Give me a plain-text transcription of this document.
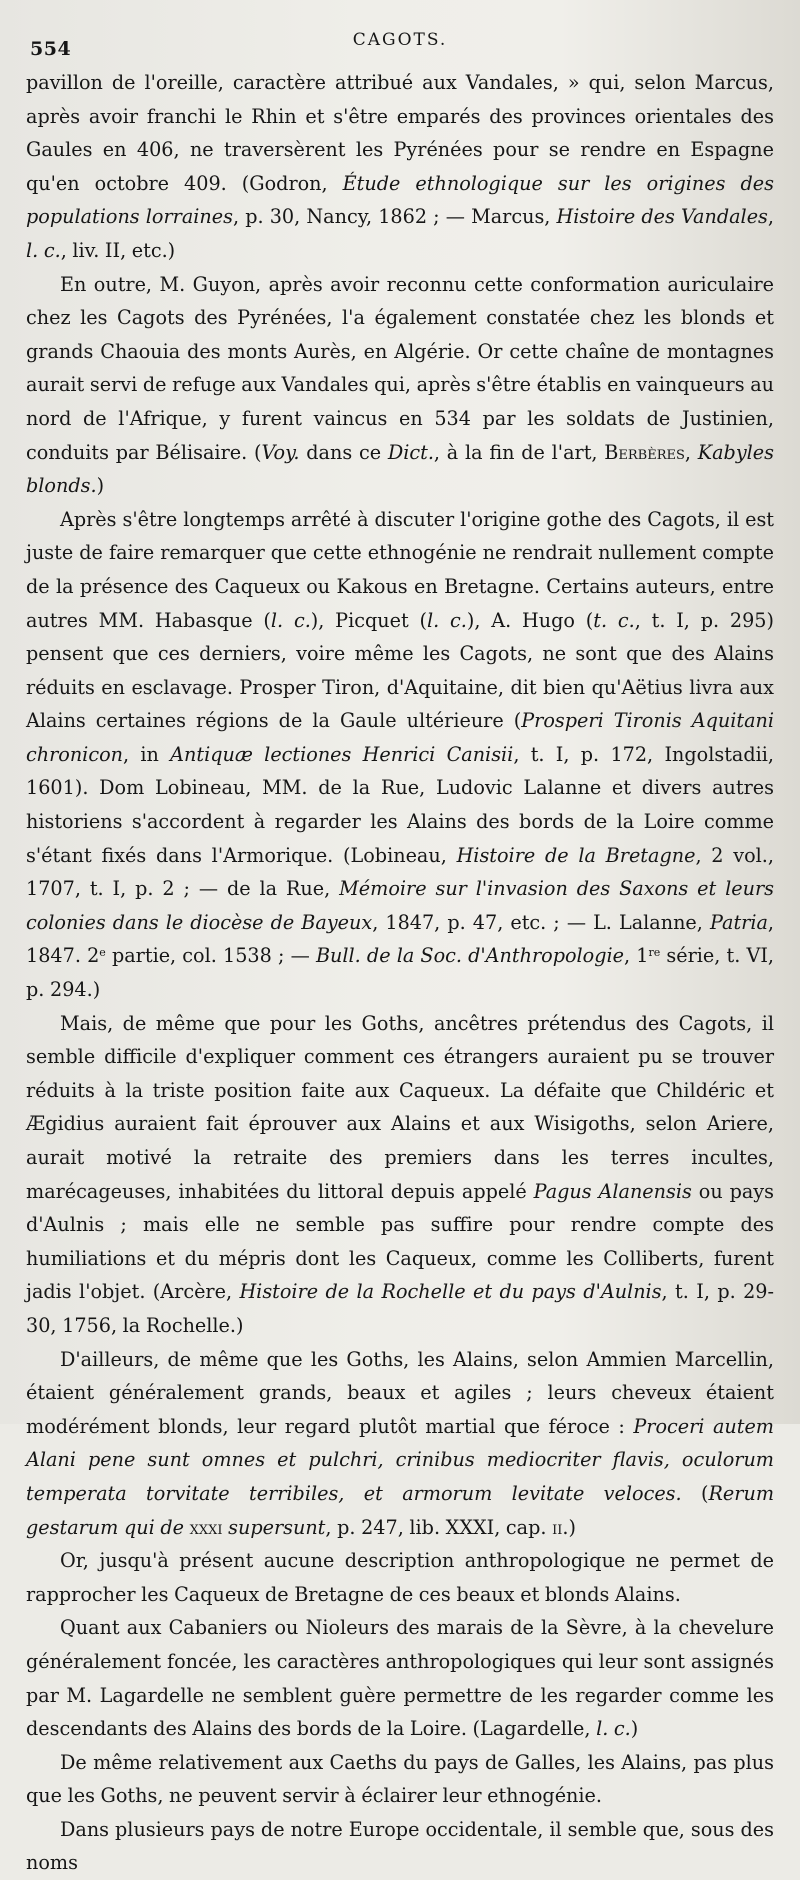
554	CAGOTS.

pavillon de l'oreille, caractère attribué aux Vandales, » qui, selon Marcus, après avoir franchi le Rhin et s'être emparés des provinces orientales des Gaules en 406, ne traversèrent les Pyrénées pour se rendre en Espagne qu'en octobre 409. (Godron, Étude ethnologique sur les origines des populations lorraines, p. 30, Nancy, 1862 ; — Marcus, Histoire des Vandales, l. c., liv. II, etc.)

En outre, M. Guyon, après avoir reconnu cette conformation auriculaire chez les Cagots des Pyrénées, l'a également constatée chez les blonds et grands Chaouia des monts Aurès, en Algérie. Or cette chaîne de montagnes aurait servi de refuge aux Vandales qui, après s'être établis en vainqueurs au nord de l'Afrique, y furent vaincus en 534 par les soldats de Justinien, conduits par Bélisaire. (Voy. dans ce Dict., à la fin de l'art, Berbères, Kabyles blonds.)

Après s'être longtemps arrêté à discuter l'origine gothe des Cagots, il est juste de faire remarquer que cette ethnogénie ne rendrait nullement compte de la présence des Caqueux ou Kakous en Bretagne. Certains auteurs, entre autres MM. Habasque (l. c.), Picquet (l. c.), A. Hugo (t. c., t. I, p. 295) pensent que ces derniers, voire même les Cagots, ne sont que des Alains réduits en esclavage. Prosper Tiron, d'Aquitaine, dit bien qu'Aëtius livra aux Alains certaines régions de la Gaule ultérieure (Prosperi Tironis Aquitani chronicon, in Antiquæ lectiones Henrici Canisii, t. I, p. 172, Ingolstadii, 1601). Dom Lobineau, MM. de la Rue, Ludovic Lalanne et divers autres historiens s'accordent à regarder les Alains des bords de la Loire comme s'étant fixés dans l'Armorique. (Lobineau, Histoire de la Bretagne, 2 vol., 1707, t. I, p. 2 ; — de la Rue, Mémoire sur l'invasion des Saxons et leurs colonies dans le diocèse de Bayeux, 1847, p. 47, etc. ; — L. Lalanne, Patria, 1847. 2e partie, col. 1538 ; — Bull. de la Soc. d'Anthropologie, 1re série, t. VI, p. 294.)

Mais, de même que pour les Goths, ancêtres prétendus des Cagots, il semble difficile d'expliquer comment ces étrangers auraient pu se trouver réduits à la triste position faite aux Caqueux. La défaite que Childéric et Ægidius auraient fait éprouver aux Alains et aux Wisigoths, selon Ariere, aurait motivé la retraite des premiers dans les terres incultes, marécageuses, inhabitées du littoral depuis appelé Pagus Alanensis ou pays d'Aulnis ; mais elle ne semble pas suffire pour rendre compte des humiliations et du mépris dont les Caqueux, comme les Colliberts, furent jadis l'objet. (Arcère, Histoire de la Rochelle et du pays d'Aulnis, t. I, p. 29-30, 1756, la Rochelle.)

D'ailleurs, de même que les Goths, les Alains, selon Ammien Marcellin, étaient généralement grands, beaux et agiles ; leurs cheveux étaient modérément blonds, leur regard plutôt martial que féroce : Proceri autem Alani pene sunt omnes et pulchri, crinibus mediocriter flavis, oculorum temperata torvitate terribiles, et armorum levitate veloces. (Rerum gestarum qui de xxxi supersunt, p. 247, lib. XXXI, cap. ii.)

Or, jusqu'à présent aucune description anthropologique ne permet de rapprocher les Caqueux de Bretagne de ces beaux et blonds Alains.

Quant aux Cabaniers ou Nioleurs des marais de la Sèvre, à la chevelure généralement foncée, les caractères anthropologiques qui leur sont assignés par M. Lagardelle ne semblent guère permettre de les regarder comme les descendants des Alains des bords de la Loire. (Lagardelle, l. c.)

De même relativement aux Caeths du pays de Galles, les Alains, pas plus que les Goths, ne peuvent servir à éclairer leur ethnogénie.

Dans plusieurs pays de notre Europe occidentale, il semble que, sous des noms
